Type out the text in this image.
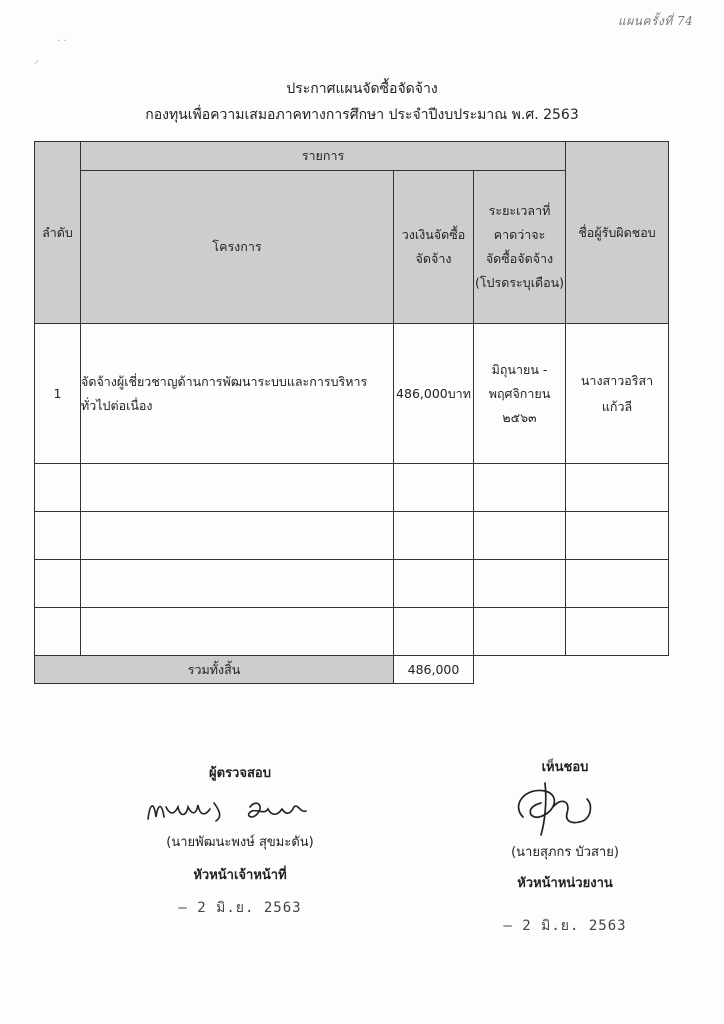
แผนครั้งที่ 74
· ·
⸝
ประกาศแผนจัดซื้อจัดจ้าง
กองทุนเพื่อความเสมอภาคทางการศึกษา ประจำปีงบประมาณ พ.ศ. 2563
ลำดับ	รายการ			ชื่อผู้รับผิดชอบ
	โครงการ	วงเงินจัดซื้อจัดจ้าง	ระยะเวลาที่
คาดว่าจะ
จัดซื้อจัดจ้าง
(โปรดระบุเดือน)	

1	จัดจ้างผู้เชี่ยวชาญด้านการพัฒนาระบบและการบริหารทั่วไปต่อเนื่อง	486,000บาท	มิถุนายน -
พฤศจิกายน
๒๕๖๓	นางสาวอริสา แก้วลี

รวมทั้งสิ้น		486,000		
ผู้ตรวจสอบ
(นายพัฒนะพงษ์ สุขมะดัน)
หัวหน้าเจ้าหน้าที่
— 2 มิ.ย. 2563
เห็นชอบ
(นายสุภกร บัวสาย)
หัวหน้าหน่วยงาน
— 2 มิ.ย. 2563
